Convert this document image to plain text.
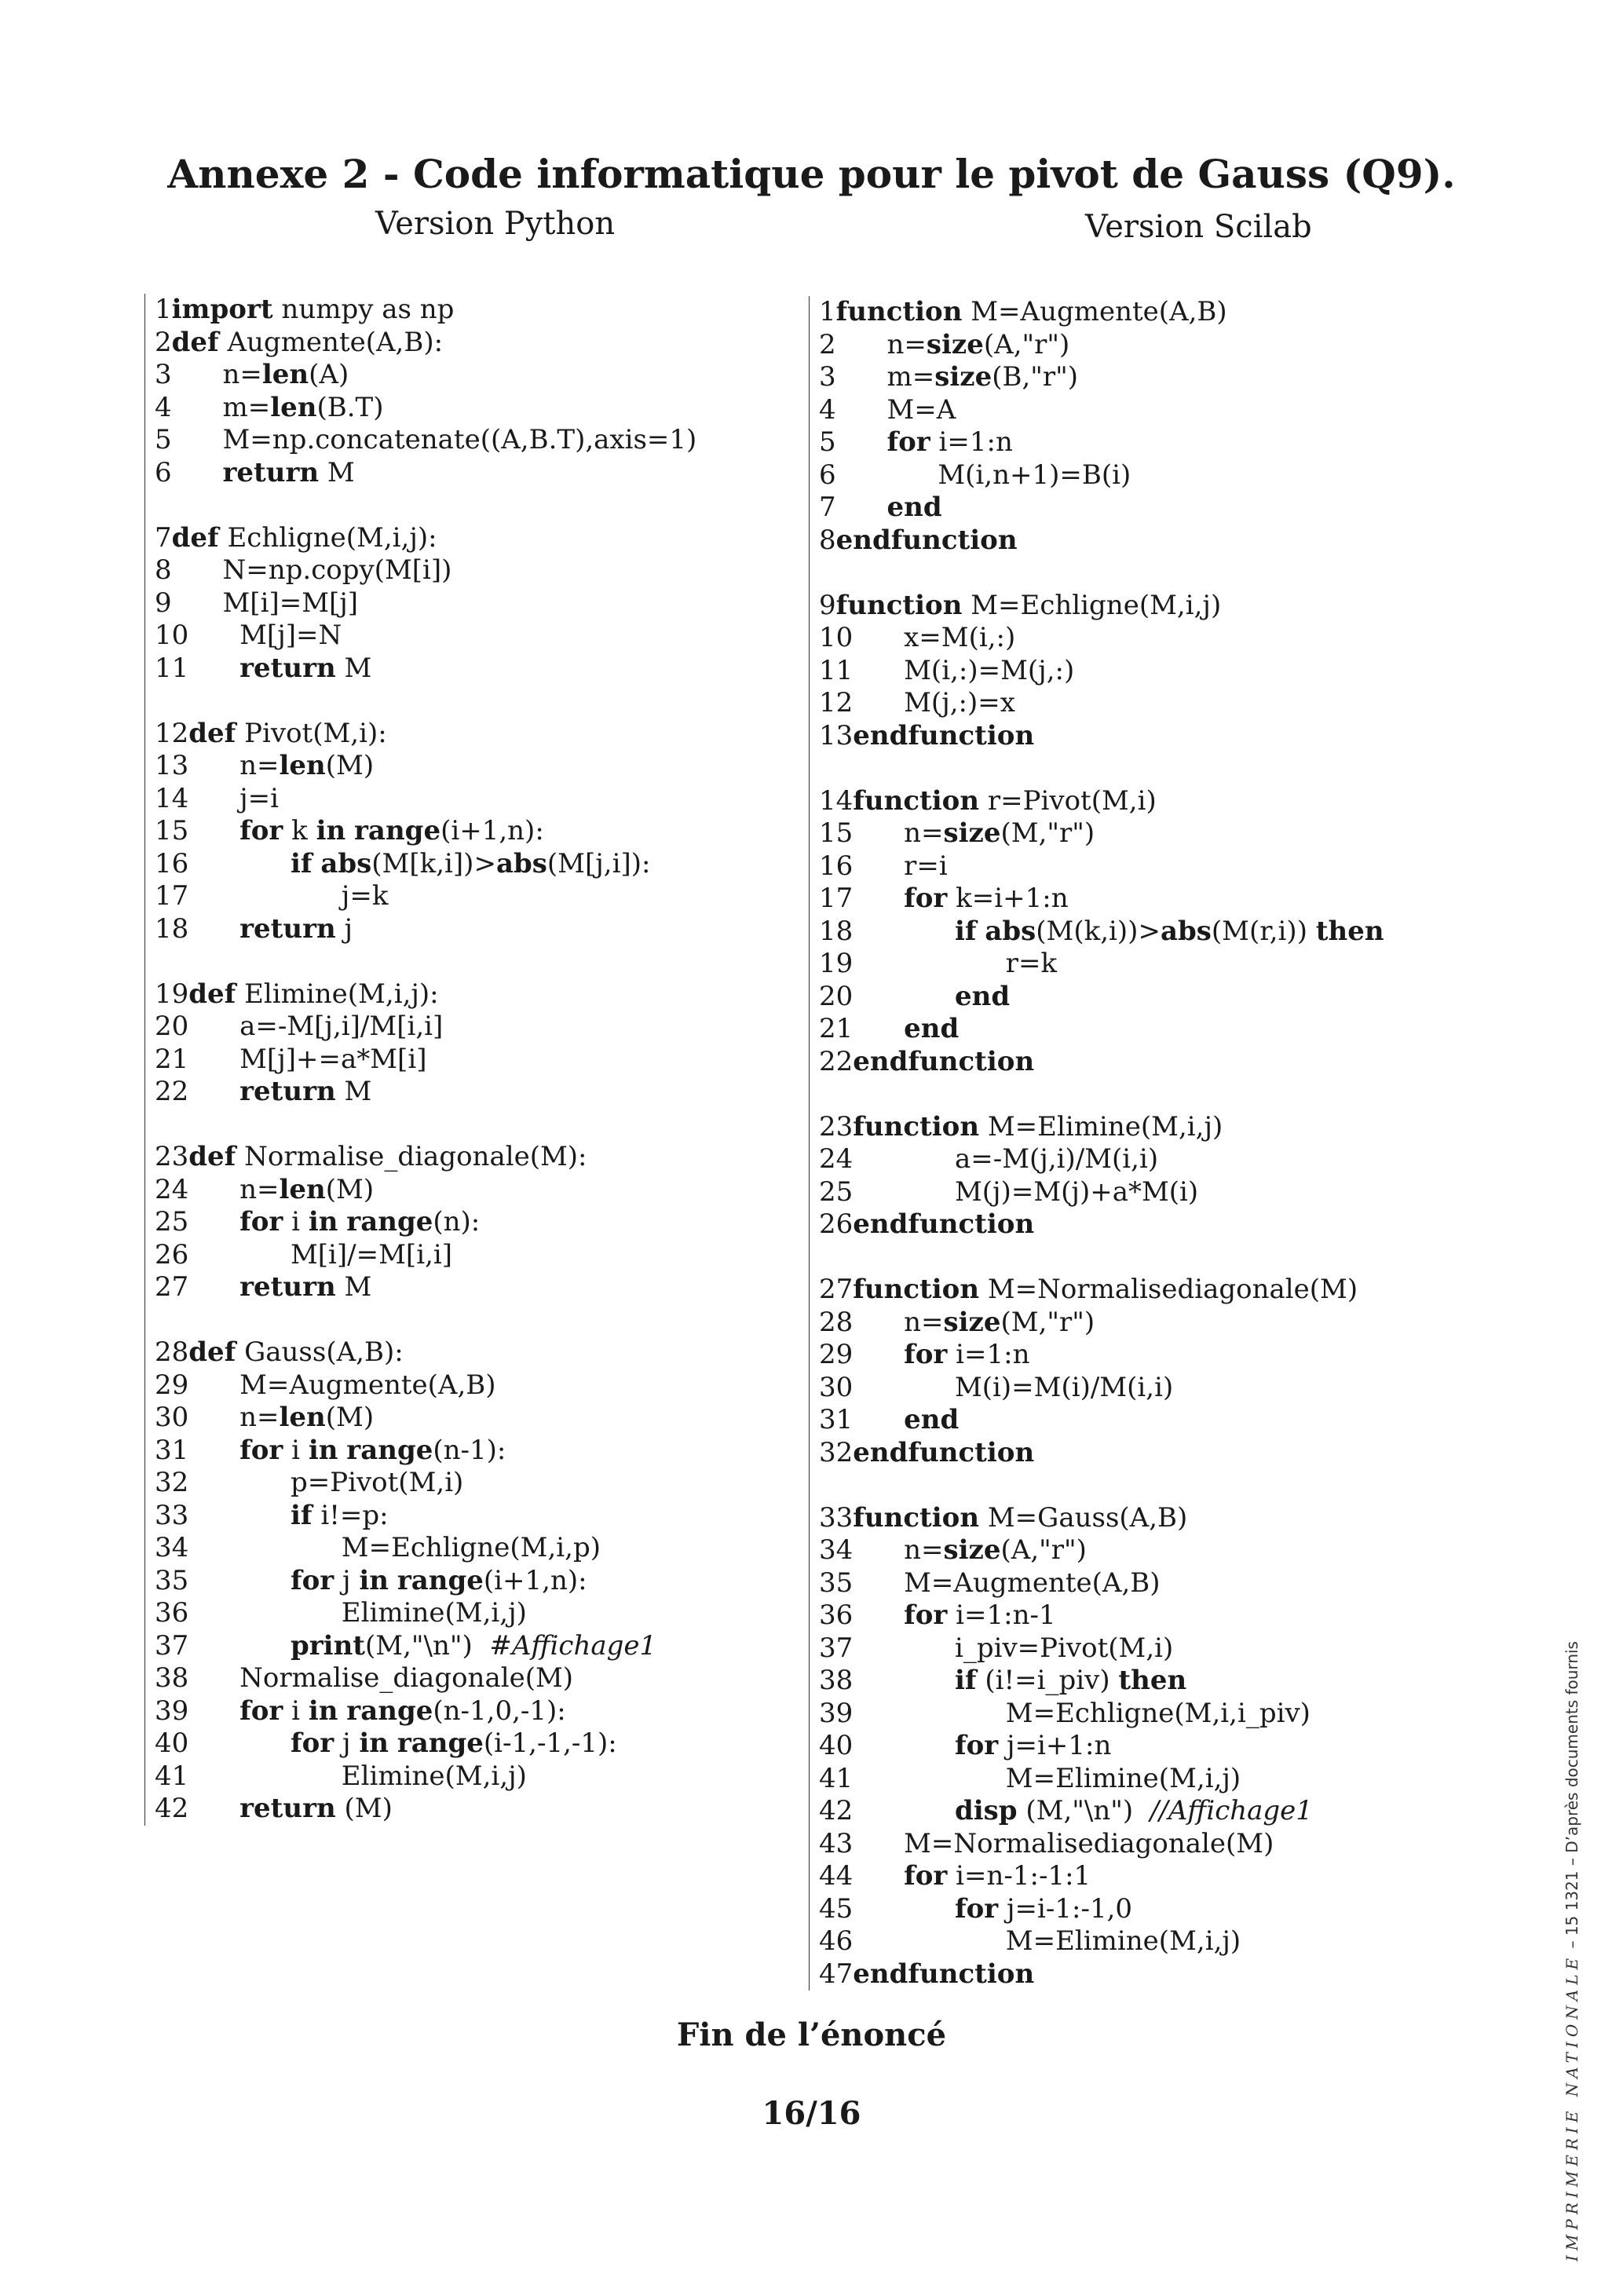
Annexe 2 - Code informatique pour le pivot de Gauss (Q9).
Version Python	Version Scilab
1import numpy as np
2def Augmente(A,B):
3      n=len(A)
4      m=len(B.T)
5      M=np.concatenate((A,B.T),axis=1)
6 return M
7def Echligne(M,i,j):
8      N=np.copy(M[i])
9      M[i]=M[j]
10      M[j]=N
11 return M
12def Pivot(M,i):
13      n=len(M)
14      j=i
15 for k in range(i+1,n):
16	if abs(M[k,i])>abs(M[j,i]):
17                  j=k
18 return j
19def Elimine(M,i,j):
20      a=-M[j,i]/M[i,i]
21      M[j]+=a*M[i]
22 return M
23def Normalise_diagonale(M):
24      n=len(M)
25 for i in range(n):
26            M[i]/=M[i,i]
27 return M
28def Gauss(A,B):
29      M=Augmente(A,B)
30      n=len(M)
31 for i in range(n-1):
32            p=Pivot(M,i)
33	if i!=p:
34                  M=Echligne(M,i,p)
35	for j in range(i+1,n):
36                  Elimine(M,i,j)
37	print(M,"\n")  #Affichage1
38      Normalise_diagonale(M)
39 for i in range(n-1,0,-1):
40	for j in range(i-1,-1,-1):
41                  Elimine(M,i,j)
42 return (M)
1function M=Augmente(A,B)
2      n=size(A,"r")
3      m=size(B,"r")
4      M=A
5 for i=1:n
6            M(i,n+1)=B(i)
7 end
8endfunction
9function M=Echligne(M,i,j)
10      x=M(i,:)
11      M(i,:)=M(j,:)
12      M(j,:)=x
13endfunction
14function r=Pivot(M,i)
15      n=size(M,"r")
16      r=i
17 for k=i+1:n
18	if abs(M(k,i))>abs(M(r,i)) then
19                  r=k
20	end
21 end
22endfunction
23function M=Elimine(M,i,j)
24            a=-M(j,i)/M(i,i)
25            M(j)=M(j)+a*M(i)
26endfunction
27function M=Normalisediagonale(M)
28      n=size(M,"r")
29 for i=1:n
30            M(i)=M(i)/M(i,i)
31 end
32endfunction
33function M=Gauss(A,B)
34      n=size(A,"r")
35      M=Augmente(A,B)
36 for i=1:n-1
37            i_piv=Pivot(M,i)
38	if (i!=i_piv) then
39                  M=Echligne(M,i,i_piv)
40	for j=i+1:n
41                  M=Elimine(M,i,j)
42	disp (M,"\n")  //Affichage1
43      M=Normalisediagonale(M)
44 for i=n-1:-1:1
45	for j=i-1:-1,0
46                  M=Elimine(M,i,j)
47endfunction
Fin de l’énoncé
16/16	IMPRIMERIE NATIONALE – 15 1321 – D’après documents fournis
